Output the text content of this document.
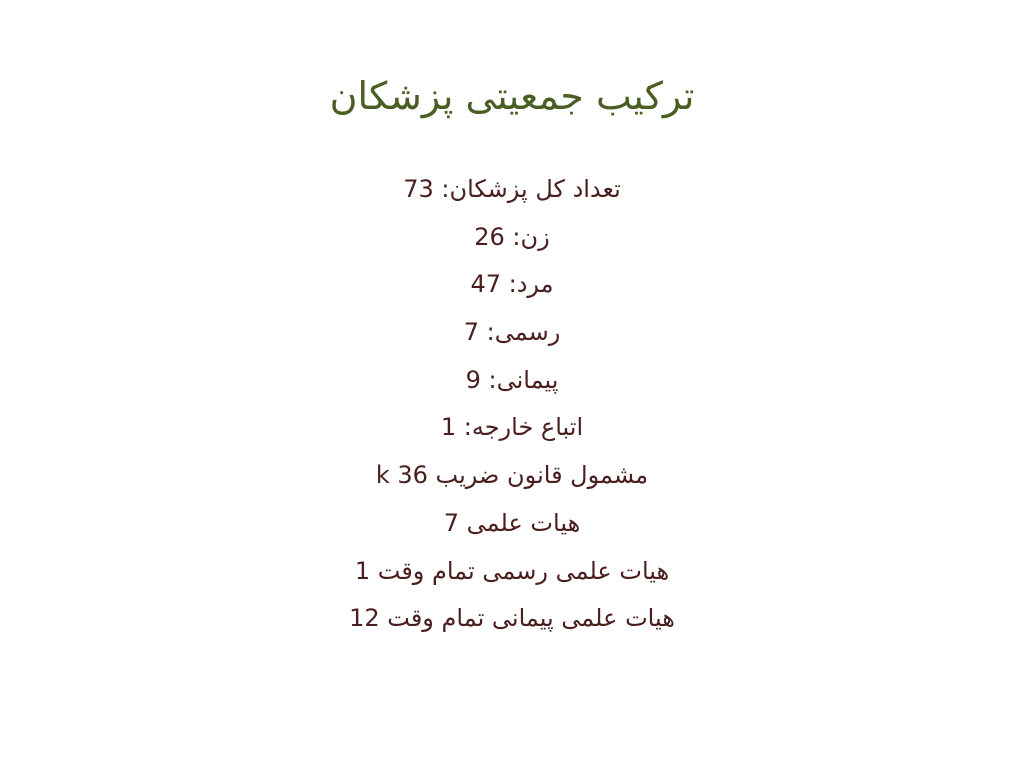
ترکیب جمعیتی پزشکان
تعداد کل پزشکان: 73
زن: 26
مرد: 47
رسمی: 7
پیمانی: 9
اتباع خارجه: 1
مشمول قانون ضریب k 36
هیات علمی 7
هیات علمی رسمی تمام وقت 1
هیات علمی پیمانی تمام وقت 12
